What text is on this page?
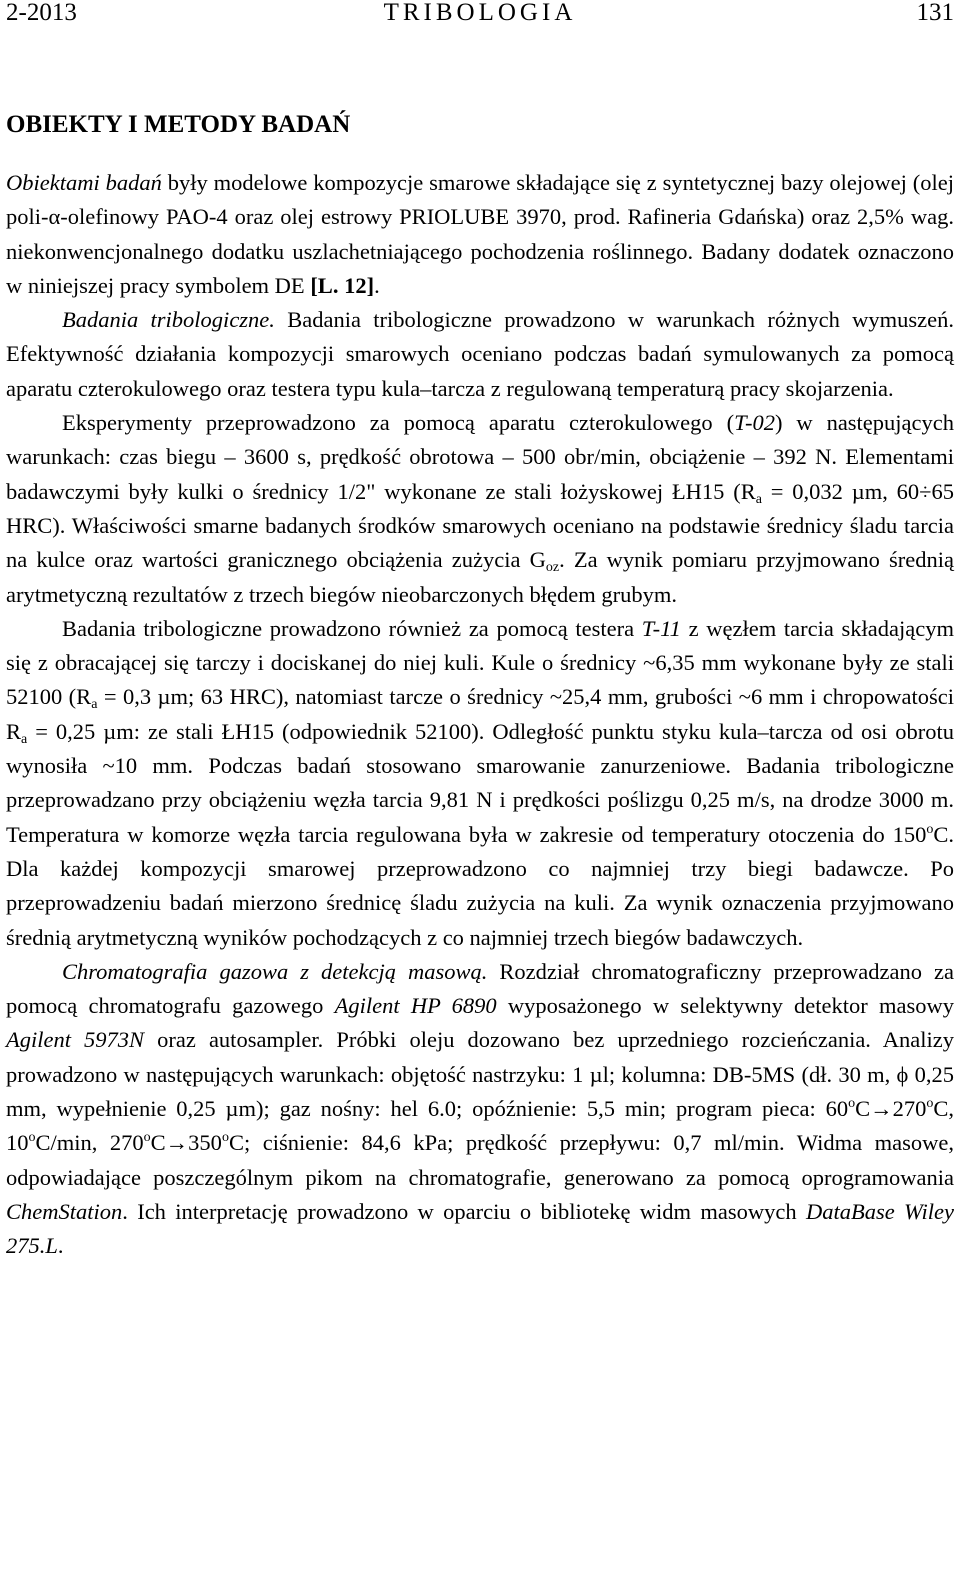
2-2013	TRIBOLOGIA	131
OBIEKTY I METODY BADAŃ

Obiektami badań były modelowe kompozycje smarowe składające się z syntetycznej bazy olejowej (olej poli-α-olefinowy PAO-4 oraz olej estrowy PRIOLUBE 3970, prod. Rafineria Gdańska) oraz 2,5% wag. niekonwencjonalnego dodatku uszlachetniającego pochodzenia roślinnego. Badany dodatek oznaczono w niniejszej pracy symbolem DE [L. 12].

Badania tribologiczne. Badania tribologiczne prowadzono w warunkach różnych wymuszeń. Efektywność działania kompozycji smarowych oceniano podczas badań symulowanych za pomocą aparatu czterokulowego oraz testera typu kula–tarcza z regulowaną temperaturą pracy skojarzenia.

Eksperymenty przeprowadzono za pomocą aparatu czterokulowego (T-02) w następujących warunkach: czas biegu – 3600 s, prędkość obrotowa – 500 obr/min, obciążenie – 392 N. Elementami badawczymi były kulki o średnicy 1/2" wykonane ze stali łożyskowej ŁH15 ($R_a = 0,032$ µm, 60÷65 HRC). Właściwości smarne badanych środków smarowych oceniano na podstawie średnicy śladu tarcia na kulce oraz wartości granicznego obciążenia zużycia $G_{oz}$. Za wynik pomiaru przyjmowano średnią arytmetyczną rezultatów z trzech biegów nieobarczonych błędem grubym.

Badania tribologiczne prowadzono również za pomocą testera T-11 z węzłem tarcia składającym się z obracającej się tarczy i dociskanej do niej kuli. Kule o średnicy ~6,35 mm wykonane były ze stali 52100 ($R_a = 0,3$ µm; 63 HRC), natomiast tarcze o średnicy ~25,4 mm, grubości ~6 mm i chropowatości $R_a = 0,25$ µm: ze stali ŁH15 (odpowiednik 52100). Odległość punktu styku kula–tarcza od osi obrotu wynosiła ~10 mm. Podczas badań stosowano smarowanie zanurzeniowe. Badania tribologiczne przeprowadzano przy obciążeniu węzła tarcia 9,81 N i prędkości poślizgu 0,25 m/s, na drodze 3000 m. Temperatura w komorze węzła tarcia regulowana była w zakresie od temperatury otoczenia do 150$^o$C. Dla każdej kompozycji smarowej przeprowadzono co najmniej trzy biegi badawcze. Po przeprowadzeniu badań mierzono średnicę śladu zużycia na kuli. Za wynik oznaczenia przyjmowano średnią arytmetyczną wyników pochodzących z co najmniej trzech biegów badawczych.

Chromatografia gazowa z detekcją masową. Rozdział chromatograficzny przeprowadzano za pomocą chromatografu gazowego Agilent HP 6890 wyposażonego w selektywny detektor masowy Agilent 5973N oraz autosampler. Próbki oleju dozowano bez uprzedniego rozcieńczania. Analizy prowadzono w następujących warunkach: objętość nastrzyku: 1 µl; kolumna: DB-5MS (dł. 30 m, ϕ 0,25 mm, wypełnienie 0,25 µm); gaz nośny: hel 6.0; opóźnienie: 5,5 min; program pieca: $60^oC\to 270^oC$, 10$^o$C/min, $270^oC\to 350^oC$; ciśnienie: 84,6 kPa; prędkość przepływu: 0,7 ml/min. Widma masowe, odpowiadające poszczególnym pikom na chromatografie, generowano za pomocą oprogramowania ChemStation. Ich interpretację prowadzono w oparciu o bibliotekę widm masowych DataBase Wiley 275.L.
